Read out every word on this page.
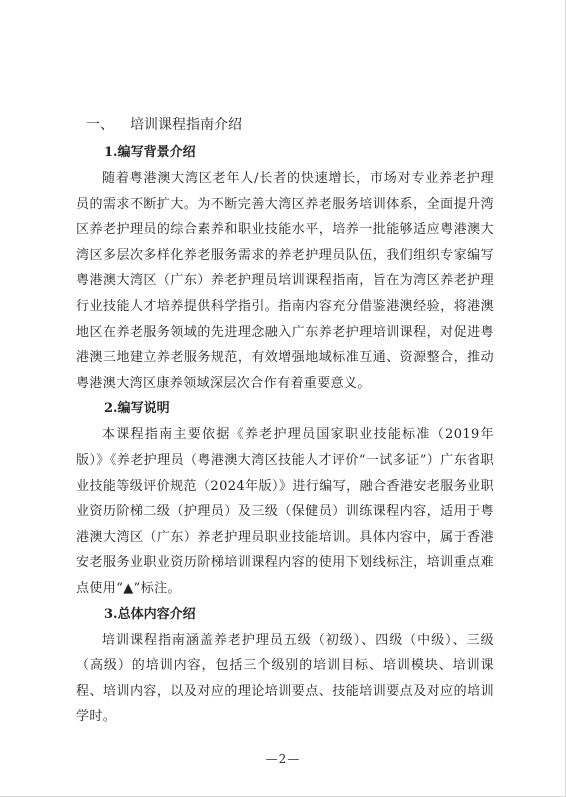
一、 培训课程指南介绍
1.编写背景介绍

随着粤港澳大湾区老年人/长者的快速增长，市场对专业养老护理员的需求不断扩大。为不断完善大湾区养老服务培训体系，全面提升湾区养老护理员的综合素养和职业技能水平，培养一批能够适应粤港澳大湾区多层次多样化养老服务需求的养老护理员队伍，我们组织专家编写粤港澳大湾区（广东）养老护理员培训课程指南，旨在为湾区养老护理行业技能人才培养提供科学指引。指南内容充分借鉴港澳经验，将港澳地区在养老服务领域的先进理念融入广东养老护理培训课程，对促进粤港澳三地建立养老服务规范，有效增强地域标准互通、资源整合，推动粤港澳大湾区康养领域深层次合作有着重要意义。

2.编写说明

本课程指南主要依据《养老护理员国家职业技能标准（2019年版）》《养老护理员（粤港澳大湾区技能人才评价“一试多证”）广东省职业技能等级评价规范（2024年版）》进行编写，融合香港安老服务业职业资历阶梯二级（护理员）及三级（保健员）训练课程内容，适用于粤港澳大湾区（广东）养老护理员职业技能培训。具体内容中，属于香港安老服务业职业资历阶梯培训课程内容的使用下划线标注，培训重点难点使用“▲”标注。

3.总体内容介绍

培训课程指南涵盖养老护理员五级（初级）、四级（中级）、三级（高级）的培训内容，包括三个级别的培训目标、培训模块、培训课程、培训内容，以及对应的理论培训要点、技能培训要点及对应的培训学时。

—2—
